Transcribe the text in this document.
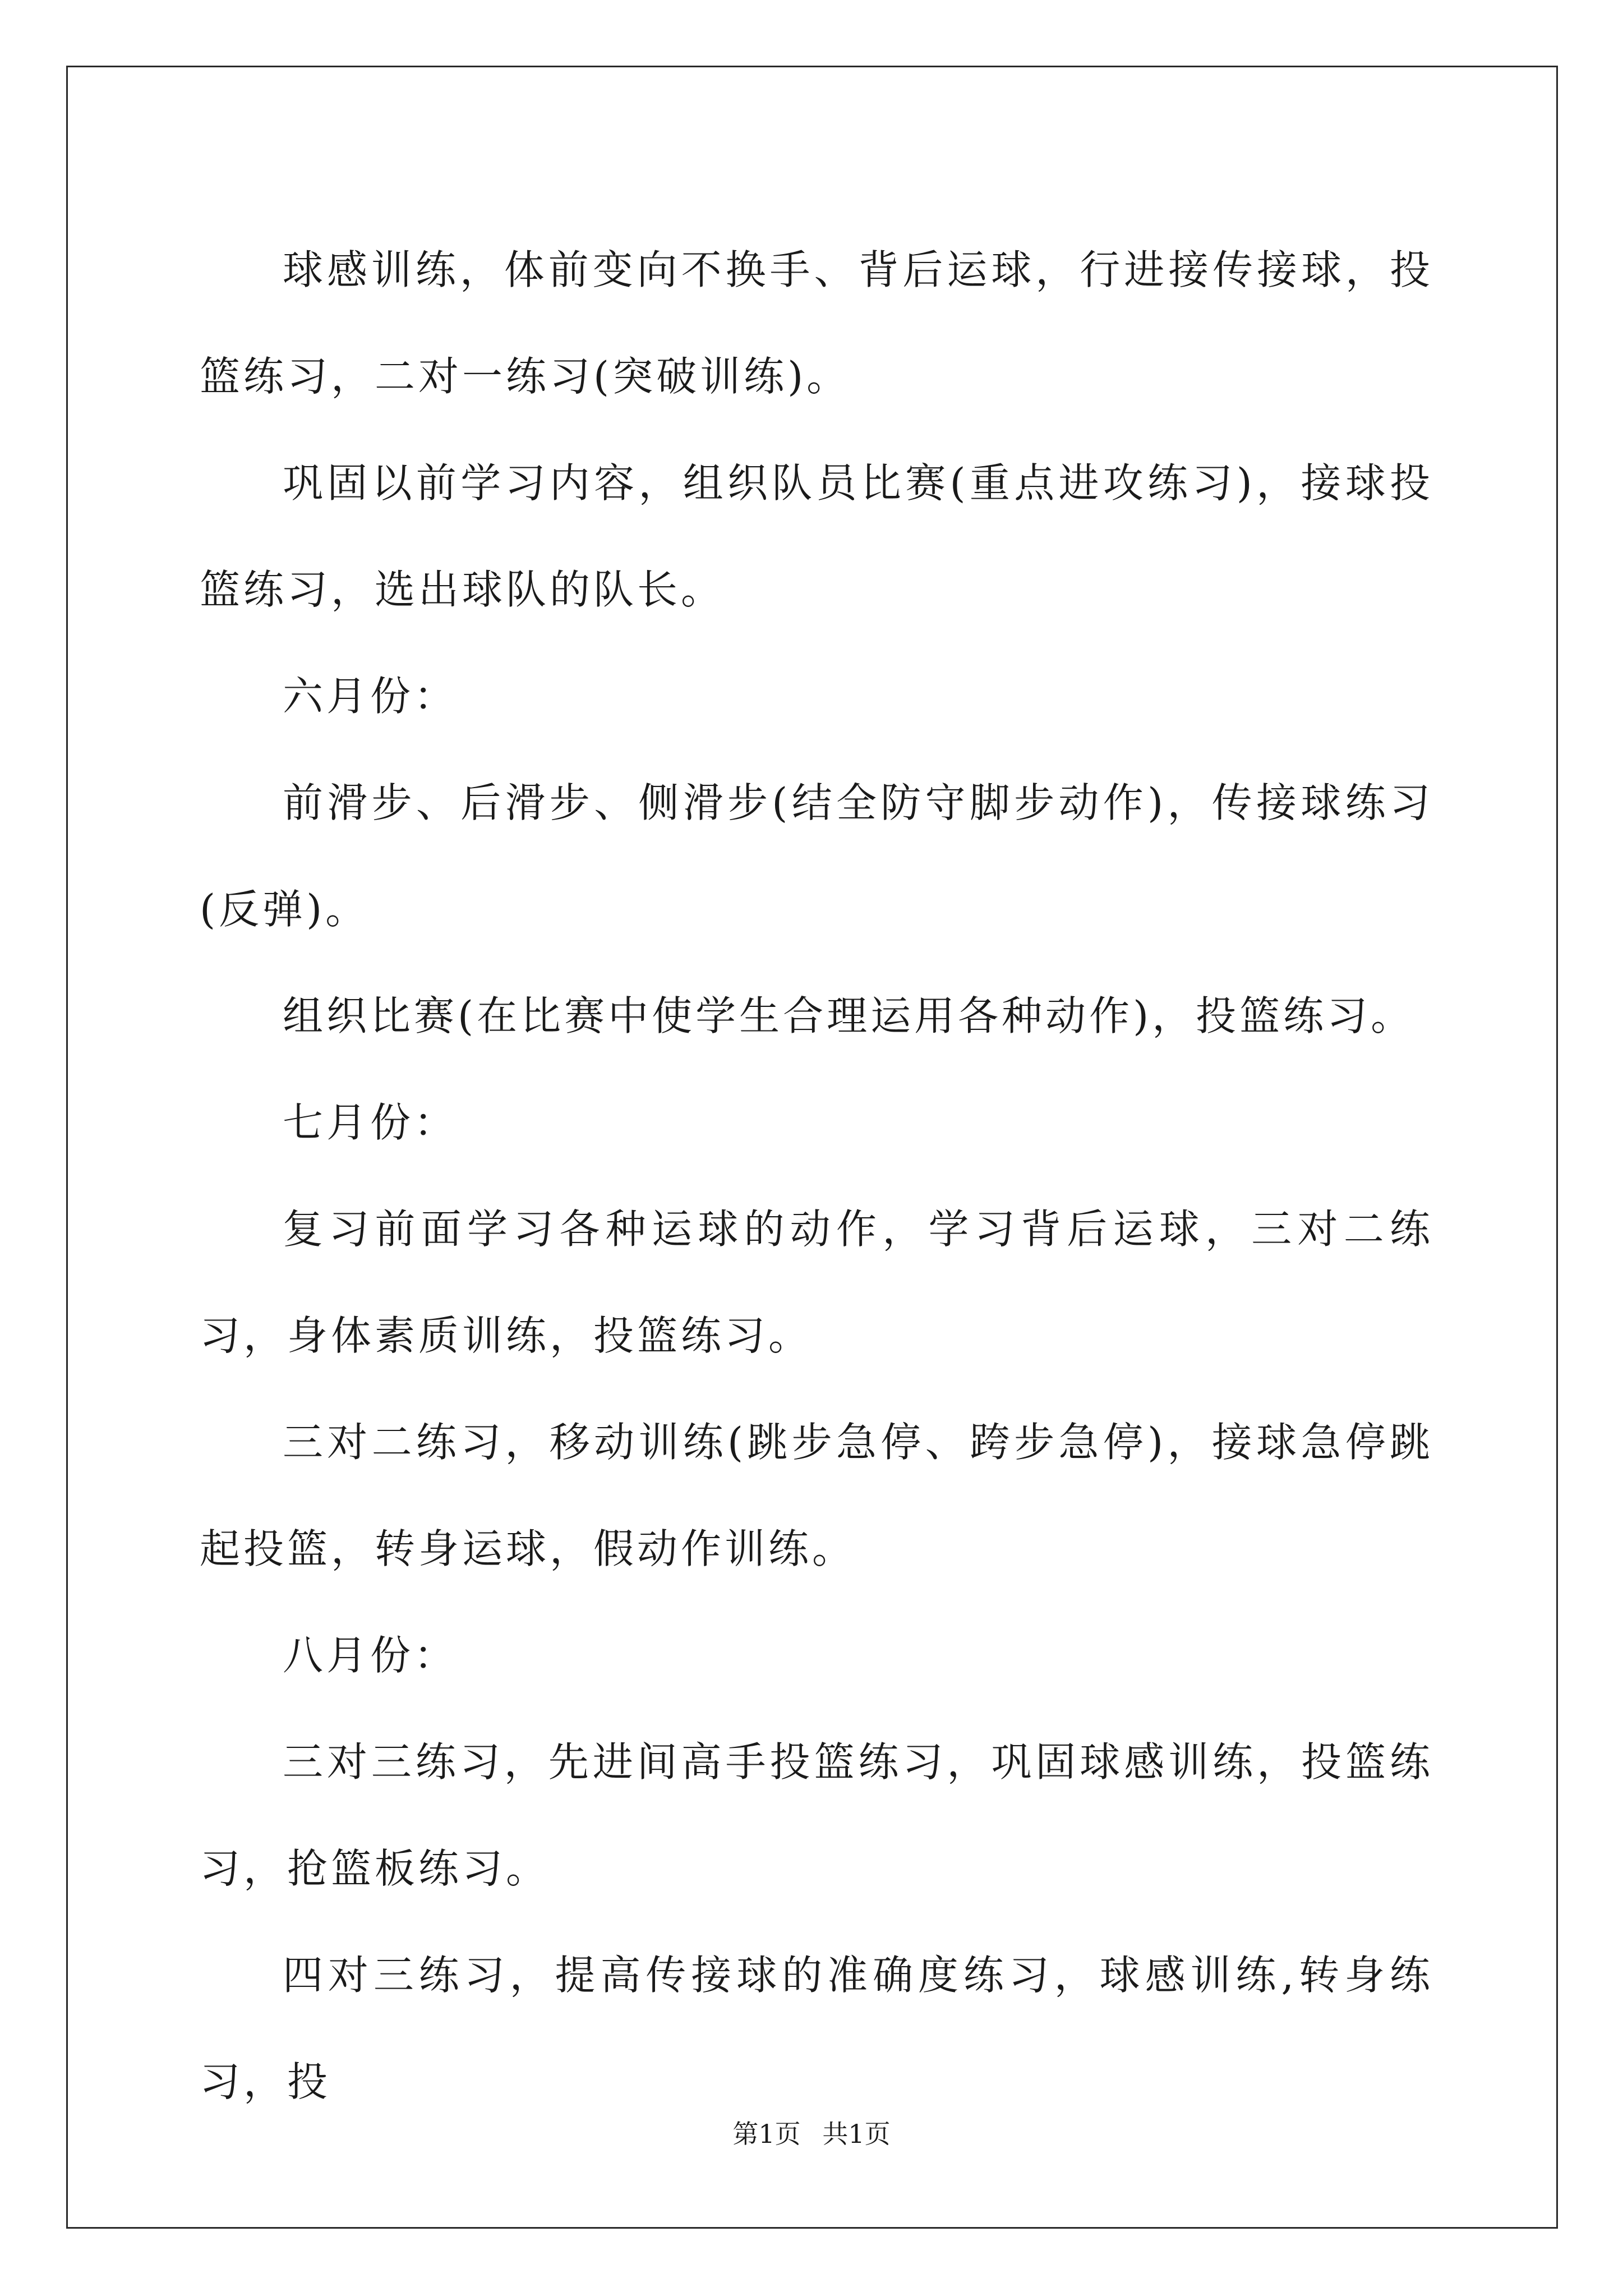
球感训练，体前变向不换手、背后运球，行进接传接球，投篮练习，二对一练习(突破训练)。

巩固以前学习内容，组织队员比赛(重点进攻练习)，接球投篮练习，选出球队的队长。

六月份：

前滑步、后滑步、侧滑步(结全防守脚步动作)，传接球练习(反弹)。

组织比赛(在比赛中使学生合理运用各种动作)，投篮练习。

七月份：

复习前面学习各种运球的动作，学习背后运球，三对二练习，身体素质训练，投篮练习。

三对二练习，移动训练(跳步急停、跨步急停)，接球急停跳起投篮，转身运球，假动作训练。

八月份：

三对三练习，先进间高手投篮练习，巩固球感训练，投篮练习，抢篮板练习。

四对三练习，提高传接球的准确度练习，球感训练,转身练习，投

第1页 共1页
